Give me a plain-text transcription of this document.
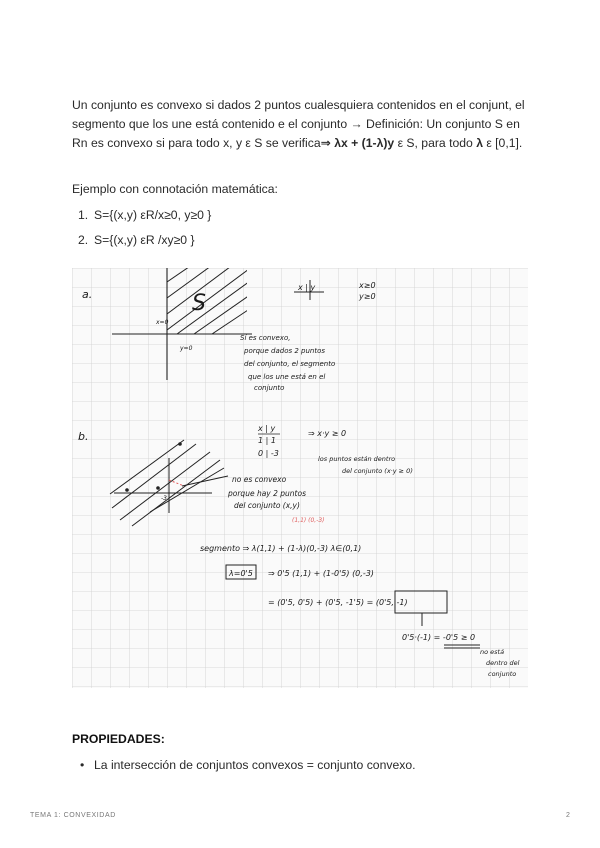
Un conjunto es convexo si dados 2 puntos cualesquiera contenidos en el conjunt, el segmento que los une está contenido e el conjunto → Definición: Un conjunto S en Rn es convexo si para todo x, y ε S se verifica⇒ λx + (1-λ)y ε S, para todo λ ε [0,1].
Ejemplo con connotación matemática:
1. S={(x,y) εR/x≥0, y≥0 }
2. S={(x,y) εR /xy≥0 }
a.	S
x=0
y=0
x | y	x≥0
y≥0
Sí es convexo,
porque dados 2 puntos
del conjunto, el segmento
que los une está en el
conjunto
b.
-3
x | y
1 | 1
0 | -3
⇒ x·y ≥ 0
los puntos están dentro
del conjunto (x·y ≥ 0)
no es convexo
porque hay 2 puntos
del conjunto (x,y)
(1,1) (0,-3)
segmento ⇒ λ(1,1) + (1-λ)(0,-3) λ∈(0,1)
λ=0'5 ⇒ 0'5 (1,1) + (1-0'5) (0,-3)
= (0'5, 0'5) + (0'5, -1'5) = (0'5, -1)
0'5·(-1) = -0'5 ≥ 0
no está
dentro del
conjunto
PROPIEDADES:
• La intersección de conjuntos convexos = conjunto convexo.
TEMA 1: CONVEXIDAD	2
